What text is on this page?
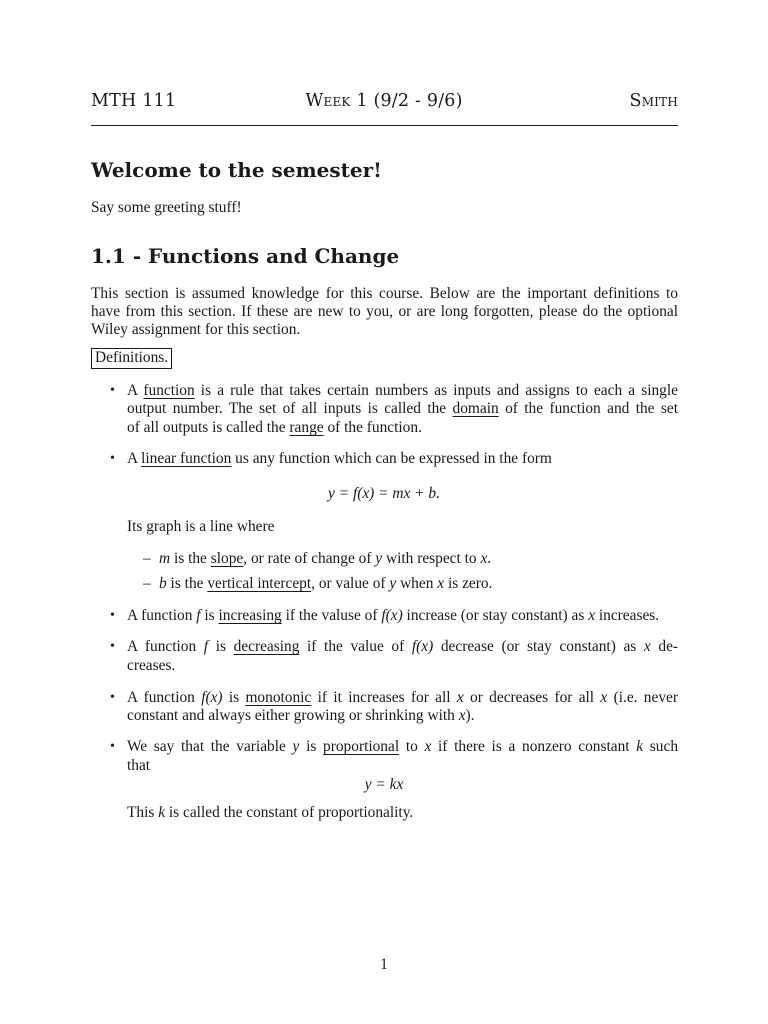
MTH 111	Week 1 (9/2 - 9/6)	Smith
Welcome to the semester!
Say some greeting stuff!
1.1 - Functions and Change
This section is assumed knowledge for this course. Below are the important definitions to
have from this section. If these are new to you, or are long forgotten, please do the optional
Wiley assignment for this section.
Definitions.
• A function is a rule that takes certain numbers as inputs and assigns to each a single
output number. The set of all inputs is called the domain of the function and the set
of all outputs is called the range of the function.
• A linear function us any function which can be expressed in the form
y = f(x) = mx + b.
Its graph is a line where
– m is the slope, or rate of change of y with respect to x.
– b is the vertical intercept, or value of y when x is zero.
• A function f is increasing if the valuse of f(x) increase (or stay constant) as x increases.
• A function f is decreasing if the value of f(x) decrease (or stay constant) as x de-
creases.
• A function f(x) is monotonic if it increases for all x or decreases for all x (i.e. never
constant and always either growing or shrinking with x).
• We say that the variable y is proportional to x if there is a nonzero constant k such
that
y = kx
This k is called the constant of proportionality.
1
